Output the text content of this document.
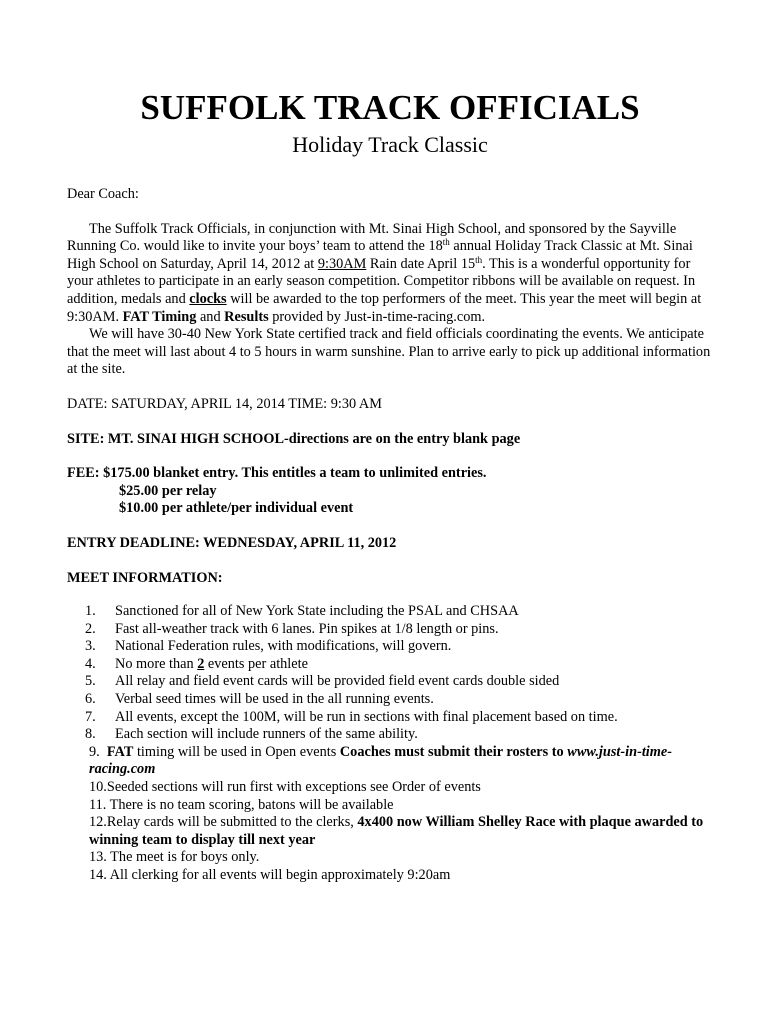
SUFFOLK TRACK OFFICIALS
Holiday Track Classic

Dear Coach:

The Suffolk Track Officials, in conjunction with Mt. Sinai High School, and sponsored by the Sayville Running Co. would like to invite your boys’ team to attend the 18th annual Holiday Track Classic at Mt. Sinai High School on Saturday, April 14, 2012 at 9:30AM Rain date April 15th. This is a wonderful opportunity for your athletes to participate in an early season competition. Competitor ribbons will be available on request. In addition, medals and clocks will be awarded to the top performers of the meet. This year the meet will begin at 9:30AM. FAT Timing and Results provided by Just-in-time-racing.com.

We will have 30-40 New York State certified track and field officials coordinating the events. We anticipate that the meet will last about 4 to 5 hours in warm sunshine. Plan to arrive early to pick up additional information at the site.

DATE: SATURDAY, APRIL 14, 2014 TIME: 9:30 AM

SITE: MT. SINAI HIGH SCHOOL-directions are on the entry blank page

FEE: $175.00 blanket entry. This entitles a team to unlimited entries.

$25.00 per relay

$10.00 per athlete/per individual event

ENTRY DEADLINE: WEDNESDAY, APRIL 11, 2012

MEET INFORMATION:

1.	Sanctioned for all of New York State including the PSAL and CHSAA
2.	Fast all-weather track with 6 lanes. Pin spikes at 1/8 length or pins.
3.	National Federation rules, with modifications, will govern.
4.	No more than 2 events per athlete
5.	All relay and field event cards will be provided field event cards double sided
6.	Verbal seed times will be used in the all running events.
7.	All events, except the 100M, will be run in sections with final placement based on time.
8.	Each section will include runners of the same ability.
9. FAT timing will be used in Open events Coaches must submit their rosters to www.just-in-time-racing.com
10.Seeded sections will run first with exceptions see Order of events
11. There is no team scoring, batons will be available
12.Relay cards will be submitted to the clerks, 4x400 now William Shelley Race with plaque awarded to winning team to display till next year
13. The meet is for boys only.
14. All clerking for all events will begin approximately 9:20am
